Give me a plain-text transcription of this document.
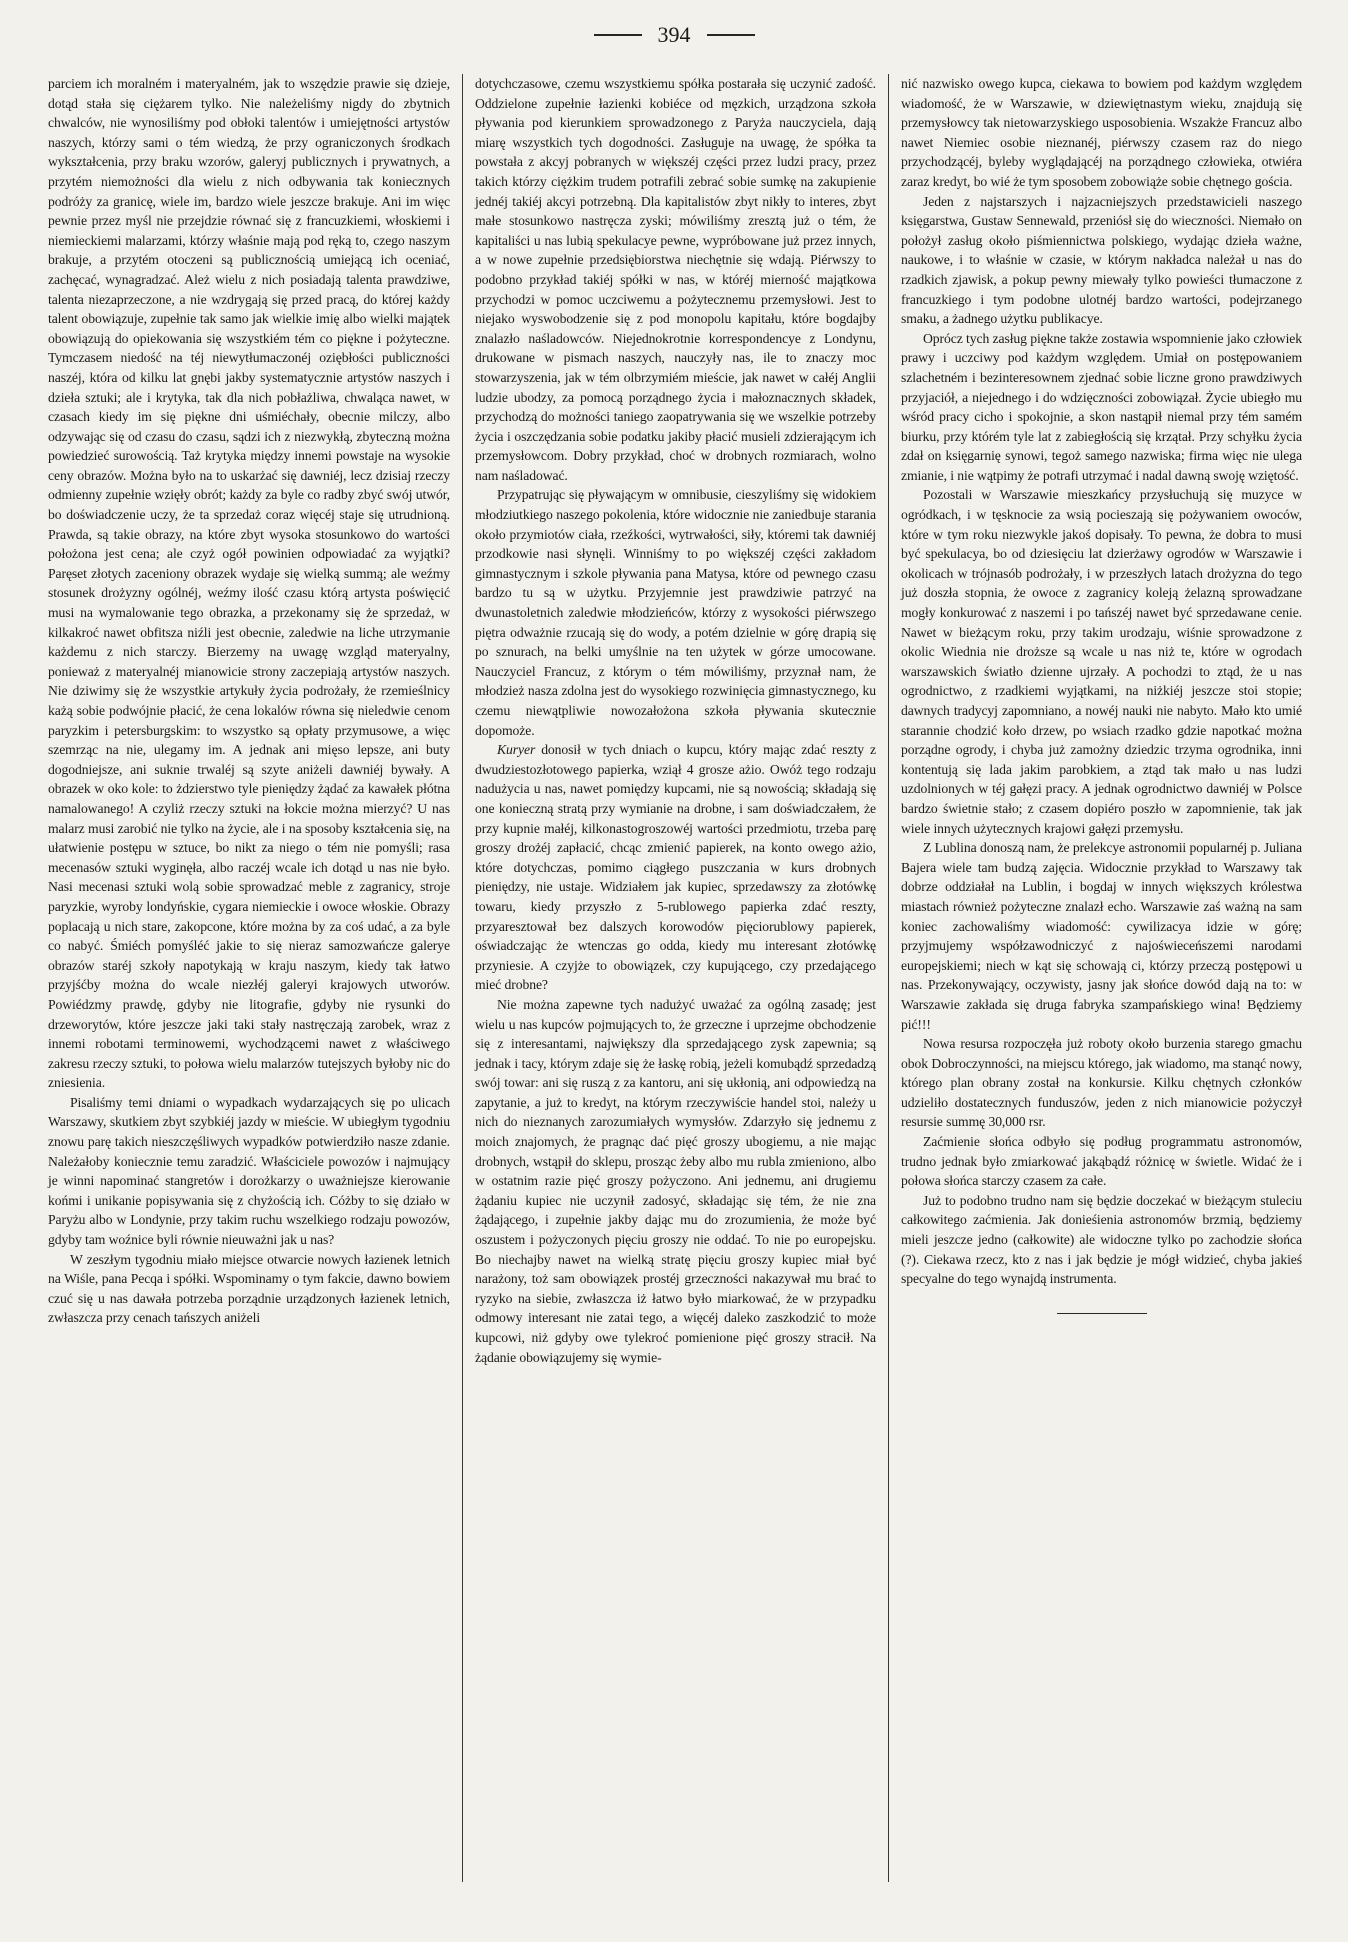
394

parciem ich moralném i materyalném, jak to wszędzie prawie się dzieje, dotąd stała się ciężarem tylko. Nie należeliśmy nigdy do zbytnich chwalców, nie wynosiliśmy pod obłoki talentów i umiejętności artystów naszych, którzy sami o tém wiedzą, że przy ograniczonych środkach wykształcenia, przy braku wzorów, galeryj publicznych i prywatnych, a przytém niemożności dla wielu z nich odbywania tak koniecznych podróży za granicę, wiele im, bardzo wiele jeszcze brakuje. Ani im więc pewnie przez myśl nie przejdzie równać się z francuzkiemi, włoskiemi i niemieckiemi malarzami, którzy właśnie mają pod ręką to, czego naszym brakuje, a przytém otoczeni są publicznością umiejącą ich oceniać, zachęcać, wynagradzać. Ależ wielu z nich posiadają talenta prawdziwe, talenta niezaprzeczone, a nie wzdrygają się przed pracą, do której każdy talent obowiązuje, zupełnie tak samo jak wielkie imię albo wielki majątek obowiązują do opiekowania się wszystkiém tém co piękne i pożyteczne. Tymczasem niedość na téj niewytłumaczonéj oziębłości publiczności naszéj, która od kilku lat gnębi jakby systematycznie artystów naszych i dzieła sztuki; ale i krytyka, tak dla nich pobłażliwa, chwaląca nawet, w czasach kiedy im się piękne dni uśmiéchały, obecnie milczy, albo odzywając się od czasu do czasu, sądzi ich z niezwykłą, zbyteczną można powiedzieć surowością. Taż krytyka między innemi powstaje na wysokie ceny obrazów. Można było na to uskarżać się dawniéj, lecz dzisiaj rzeczy odmienny zupełnie wzięły obrót; każdy za byle co radby zbyć swój utwór, bo doświadczenie uczy, że ta sprzedaż coraz więcéj staje się utrudnioną. Prawda, są takie obrazy, na które zbyt wysoka stosunkowo do wartości położona jest cena; ale czyż ogół powinien odpowiadać za wyjątki? Paręset złotych zaceniony obrazek wydaje się wielką summą; ale weźmy stosunek drożyzny ogólnéj, weźmy ilość czasu którą artysta poświęcić musi na wymalowanie tego obrazka, a przekonamy się że sprzedaż, w kilkakroć nawet obfitsza niźli jest obecnie, zaledwie na liche utrzymanie każdemu z nich starczy. Bierzemy na uwagę wzgląd materyalny, ponieważ z materyalnéj mianowicie strony zaczepiają artystów naszych. Nie dziwimy się że wszystkie artykuły życia podrożały, że rzemieślnicy każą sobie podwójnie płacić, że cena lokalów równa się nieledwie cenom paryzkim i petersburgskim: to wszystko są opłaty przymusowe, a więc szemrząc na nie, ulegamy im. A jednak ani mięso lepsze, ani buty dogodniejsze, ani suknie trwaléj są szyte aniżeli dawniéj bywały. A obrazek w oko kole: to żdzierstwo tyle pieniędzy żądać za kawałek płótna namalowanego! A czyliż rzeczy sztuki na łokcie można mierzyć? U nas malarz musi zarobić nie tylko na życie, ale i na sposoby kształcenia się, na ułatwienie postępu w sztuce, bo nikt za niego o tém nie pomyśli; rasa mecenasów sztuki wyginęła, albo raczéj wcale ich dotąd u nas nie było. Nasi mecenasi sztuki wolą sobie sprowadzać meble z zagranicy, stroje paryzkie, wyroby londyńskie, cygara niemieckie i owoce włoskie. Obrazy poplacają u nich stare, zakopcone, które można by za coś udać, a za byle co nabyć. Śmiéch pomyśléć jakie to się nieraz samozwańcze galerye obrazów staréj szkoły napotykają w kraju naszym, kiedy tak łatwo przyjśćby można do wcale niezłéj galeryi krajowych utworów. Powiédzmy prawdę, gdyby nie litografie, gdyby nie rysunki do drzeworytów, które jeszcze jaki taki stały nastręczają zarobek, wraz z innemi robotami terminowemi, wychodzącemi nawet z właściwego zakresu rzeczy sztuki, to połowa wielu malarzów tutejszych byłoby nic do zniesienia.

Pisaliśmy temi dniami o wypadkach wydarzających się po ulicach Warszawy, skutkiem zbyt szybkiéj jazdy w mieście. W ubiegłym tygodniu znowu parę takich nieszczęśliwych wypadków potwierdziło nasze zdanie. Należałoby koniecznie temu zaradzić. Właściciele powozów i najmujący je winni napominać stangretów i dorożkarzy o uważniejsze kierowanie końmi i unikanie popisywania się z chyżością ich. Cóżby to się działo w Paryżu albo w Londynie, przy takim ruchu wszelkiego rodzaju powozów, gdyby tam woźnice byli równie nieuważni jak u nas?

W zeszłym tygodniu miało miejsce otwarcie nowych łazienek letnich na Wiśle, pana Pecqa i spółki. Wspominamy o tym fakcie, dawno bowiem czuć się u nas dawała potrzeba porządnie urządzonych łazienek letnich, zwłaszcza przy cenach tańszych aniżeli

dotychczasowe, czemu wszystkiemu spółka postarała się uczynić zadość. Oddzielone zupełnie łazienki kobiéce od męzkich, urządzona szkoła pływania pod kierunkiem sprowadzonego z Paryża nauczyciela, dają miarę wszystkich tych dogodności. Zasługuje na uwagę, że spółka ta powstała z akcyj pobranych w większéj części przez ludzi pracy, przez takich którzy ciężkim trudem potrafili zebrać sobie sumkę na zakupienie jednéj takiéj akcyi potrzebną. Dla kapitalistów zbyt nikły to interes, zbyt małe stosunkowo nastręcza zyski; mówiliśmy zresztą już o tém, że kapitaliści u nas lubią spekulacye pewne, wypróbowane już przez innych, a w nowe zupełnie przedsiębiorstwa niechętnie się wdają. Piérwszy to podobno przykład takiéj spółki w nas, w któréj mierność majątkowa przychodzi w pomoc uczciwemu a pożytecznemu przemysłowi. Jest to niejako wyswobodzenie się z pod monopolu kapitału, które bogdajby znalazło naśladowców. Niejednokrotnie korrespondencye z Londynu, drukowane w pismach naszych, nauczyły nas, ile to znaczy moc stowarzyszenia, jak w tém olbrzymiém mieście, jak nawet w całéj Anglii ludzie ubodzy, za pomocą porządnego życia i małoznacznych składek, przychodzą do możności taniego zaopatrywania się we wszelkie potrzeby życia i oszczędzania sobie podatku jakiby płacić musieli zdzierającym ich przemysłowcom. Dobry przykład, choć w drobnych rozmiarach, wolno nam naśladować.

Przypatrując się pływającym w omnibusie, cieszyliśmy się widokiem młodziutkiego naszego pokolenia, które widocznie nie zaniedbuje starania około przymiotów ciała, rzeźkości, wytrwałości, siły, któremi tak dawniéj przodkowie nasi słynęli. Winniśmy to po większéj części zakładom gimnastycznym i szkole pływania pana Matysa, które od pewnego czasu bardzo tu są w użytku. Przyjemnie jest prawdziwie patrzyć na dwunastoletnich zaledwie młodzieńców, którzy z wysokości piérwszego piętra odważnie rzucają się do wody, a potém dzielnie w górę drapią się po sznurach, na belki umyślnie na ten użytek w górze umocowane. Nauczyciel Francuz, z którym o tém mówiliśmy, przyznał nam, że młodzież nasza zdolna jest do wysokiego rozwinięcia gimnastycznego, ku czemu niewątpliwie nowozałożona szkoła pływania skutecznie dopomoże.

Kuryer donosił w tych dniach o kupcu, który mając zdać reszty z dwudziestozłotowego papierka, wziął 4 grosze ażio. Owóż tego rodzaju nadużycia u nas, nawet pomiędzy kupcami, nie są nowością; składają się one konieczną stratą przy wymianie na drobne, i sam doświadczałem, że przy kupnie małéj, kilkonastogroszowéj wartości przedmiotu, trzeba parę groszy drożéj zapłacić, chcąc zmienić papierek, na konto owego ażio, które dotychczas, pomimo ciągłego puszczania w kurs drobnych pieniędzy, nie ustaje. Widziałem jak kupiec, sprzedawszy za złotówkę towaru, kiedy przyszło z 5-rublowego papierka zdać reszty, przyaresztował bez dalszych korowodów pięciorublowy papierek, oświadczając że wtenczas go odda, kiedy mu interesant złotówkę przyniesie. A czyjże to obowiązek, czy kupującego, czy przedającego mieć drobne?

Nie można zapewne tych nadużyć uważać za ogólną zasadę; jest wielu u nas kupców pojmujących to, że grzeczne i uprzejme obchodzenie się z interesantami, największy dla sprzedającego zysk zapewnia; są jednak i tacy, którym zdaje się że łaskę robią, jeżeli komubądź sprzedadzą swój towar: ani się ruszą z za kantoru, ani się ukłonią, ani odpowiedzą na zapytanie, a już to kredyt, na którym rzeczywiście handel stoi, należy u nich do nieznanych zarozumiałych wymysłów. Zdarzyło się jednemu z moich znajomych, że pragnąc dać pięć groszy ubogiemu, a nie mając drobnych, wstąpił do sklepu, prosząc żeby albo mu rubla zmieniono, albo w ostatnim razie pięć groszy pożyczono. Ani jednemu, ani drugiemu żądaniu kupiec nie uczynił zadosyć, składając się tém, że nie zna żądającego, i zupełnie jakby dając mu do zrozumienia, że może być oszustem i pożyczonych pięciu groszy nie oddać. To nie po europejsku. Bo niechajby nawet na wielką stratę pięciu groszy kupiec miał być narażony, toż sam obowiązek prostéj grzeczności nakazywał mu brać to ryzyko na siebie, zwłaszcza iż łatwo było miarkować, że w przypadku odmowy interesant nie zatai tego, a więcéj daleko zaszkodzić to może kupcowi, niż gdyby owe tylekroć pomienione pięć groszy stracił. Na żądanie obowiązujemy się wymie-

nić nazwisko owego kupca, ciekawa to bowiem pod każdym względem wiadomość, że w Warszawie, w dziewiętnastym wieku, znajdują się przemysłowcy tak nietowarzyskiego usposobienia. Wszakże Francuz albo nawet Niemiec osobie nieznanéj, piérwszy czasem raz do niego przychodzącéj, byleby wyglądającéj na porządnego człowieka, otwiéra zaraz kredyt, bo wié że tym sposobem zobowiąże sobie chętnego gościa.

Jeden z najstarszych i najzacniejszych przedstawicieli naszego księgarstwa, Gustaw Sennewald, przeniósł się do wieczności. Niemało on położył zasług około piśmiennictwa polskiego, wydając dzieła ważne, naukowe, i to właśnie w czasie, w którym nakładca należał u nas do rzadkich zjawisk, a pokup pewny miewały tylko powieści tłumaczone z francuzkiego i tym podobne ulotnéj bardzo wartości, podejrzanego smaku, a żadnego użytku publikacye.

Oprócz tych zasług piękne także zostawia wspomnienie jako człowiek prawy i uczciwy pod każdym względem. Umiał on postępowaniem szlachetném i bezinteresownem zjednać sobie liczne grono prawdziwych przyjaciół, a niejednego i do wdzięczności zobowiązał. Życie ubiegło mu wśród pracy cicho i spokojnie, a skon nastąpił niemal przy tém samém biurku, przy którém tyle lat z zabiegłością się krzątał. Przy schyłku życia zdał on księgarnię synowi, tegoż samego nazwiska; firma więc nie ulega zmianie, i nie wątpimy że potrafi utrzymać i nadal dawną swoję wziętość.

Pozostali w Warszawie mieszkańcy przysłuchują się muzyce w ogródkach, i w tęsknocie za wsią pocieszają się pożywaniem owoców, które w tym roku niezwykle jakoś dopisały. To pewna, że dobra to musi być spekulacya, bo od dziesięciu lat dzierżawy ogrodów w Warszawie i okolicach w trójnasób podrożały, i w przeszłych latach drożyzna do tego już doszła stopnia, że owoce z zagranicy koleją żelazną sprowadzane mogły konkurować z naszemi i po tańszéj nawet być sprzedawane cenie. Nawet w bieżącym roku, przy takim urodzaju, wiśnie sprowadzone z okolic Wiednia nie droższe są wcale u nas niż te, które w ogrodach warszawskich światło dzienne ujrzały. A pochodzi to ztąd, że u nas ogrodnictwo, z rzadkiemi wyjątkami, na niżkiéj jeszcze stoi stopie; dawnych tradycyj zapomniano, a nowéj nauki nie nabyto. Mało kto umié starannie chodzić koło drzew, po wsiach rzadko gdzie napotkać można porządne ogrody, i chyba już zamożny dziedzic trzyma ogrodnika, inni kontentują się lada jakim parobkiem, a ztąd tak mało u nas ludzi uzdolnionych w téj gałęzi pracy. A jednak ogrodnictwo dawniéj w Polsce bardzo świetnie stało; z czasem dopiéro poszło w zapomnienie, tak jak wiele innych użytecznych krajowi gałęzi przemysłu.

Z Lublina donoszą nam, że prelekcye astronomii popularnéj p. Juliana Bajera wiele tam budzą zajęcia. Widocznie przykład to Warszawy tak dobrze oddziałał na Lublin, i bogdaj w innych większych królestwa miastach również pożyteczne znalazł echo. Warszawie zaś ważną na sam koniec zachowaliśmy wiadomość: cywilizacya idzie w górę; przyjmujemy współzawodniczyć z najoświeceńszemi narodami europejskiemi; niech w kąt się schowają ci, którzy przeczą postępowi u nas. Przekonywający, oczywisty, jasny jak słońce dowód dają na to: w Warszawie zakłada się druga fabryka szampańskiego wina! Będziemy pić!!!

Nowa resursa rozpoczęła już roboty około burzenia starego gmachu obok Dobroczynności, na miejscu którego, jak wiadomo, ma stanąć nowy, którego plan obrany został na konkursie. Kilku chętnych członków udzieliło dostatecznych funduszów, jeden z nich mianowicie pożyczył resursie summę 30,000 rsr.

Zaćmienie słońca odbyło się podług programmatu astronomów, trudno jednak było zmiarkować jakąbądź różnicę w świetle. Widać że i połowa słońca starczy czasem za całe.

Już to podobno trudno nam się będzie doczekać w bieżącym stuleciu całkowitego zaćmienia. Jak donieśienia astronomów brzmią, będziemy mieli jeszcze jedno (całkowite) ale widoczne tylko po zachodzie słońca (?). Ciekawa rzecz, kto z nas i jak będzie je mógł widzieć, chyba jakieś specyalne do tego wynajdą instrumenta.
